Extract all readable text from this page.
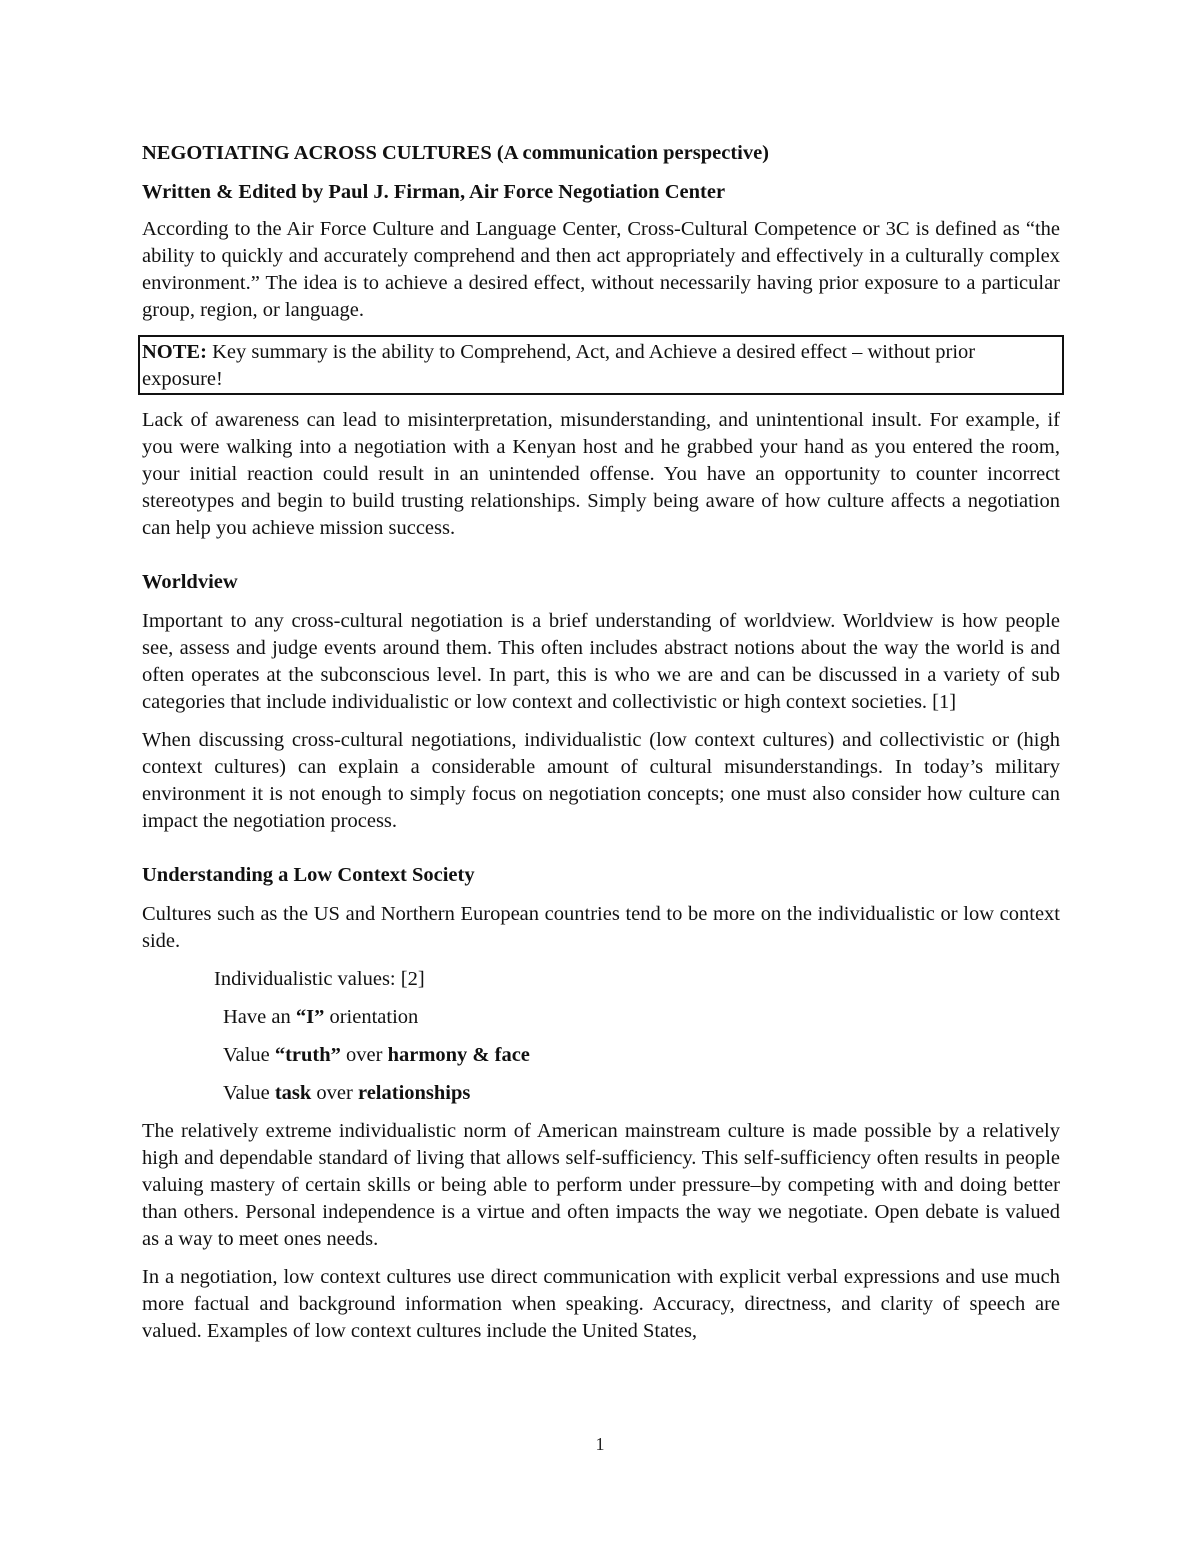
NEGOTIATING ACROSS CULTURES (A communication perspective)
Written & Edited by Paul J. Firman, Air Force Negotiation Center

According to the Air Force Culture and Language Center, Cross-Cultural Competence or 3C is defined as “the ability to quickly and accurately comprehend and then act appropriately and effectively in a culturally complex environment.” The idea is to achieve a desired effect, without necessarily having prior exposure to a particular group, region, or language.

NOTE: Key summary is the ability to Comprehend, Act, and Achieve a desired effect – without prior exposure!

Lack of awareness can lead to misinterpretation, misunderstanding, and unintentional insult. For example, if you were walking into a negotiation with a Kenyan host and he grabbed your hand as you entered the room, your initial reaction could result in an unintended offense. You have an opportunity to counter incorrect stereotypes and begin to build trusting relationships. Simply being aware of how culture affects a negotiation can help you achieve mission success.

Worldview

Important to any cross-cultural negotiation is a brief understanding of worldview. Worldview is how people see, assess and judge events around them. This often includes abstract notions about the way the world is and often operates at the subconscious level. In part, this is who we are and can be discussed in a variety of sub categories that include individualistic or low context and collectivistic or high context societies. [1]

When discussing cross-cultural negotiations, individualistic (low context cultures) and collectivistic or (high context cultures) can explain a considerable amount of cultural misunderstandings. In today’s military environment it is not enough to simply focus on negotiation concepts; one must also consider how culture can impact the negotiation process.

Understanding a Low Context Society

Cultures such as the US and Northern European countries tend to be more on the individualistic or low context side.

Individualistic values: [2]
Have an “I” orientation
Value “truth” over harmony & face
Value task over relationships

The relatively extreme individualistic norm of American mainstream culture is made possible by a relatively high and dependable standard of living that allows self-sufficiency. This self-sufficiency often results in people valuing mastery of certain skills or being able to perform under pressure–by competing with and doing better than others. Personal independence is a virtue and often impacts the way we negotiate. Open debate is valued as a way to meet ones needs.

In a negotiation, low context cultures use direct communication with explicit verbal expressions and use much more factual and background information when speaking. Accuracy, directness, and clarity of speech are valued. Examples of low context cultures include the United States,

1
